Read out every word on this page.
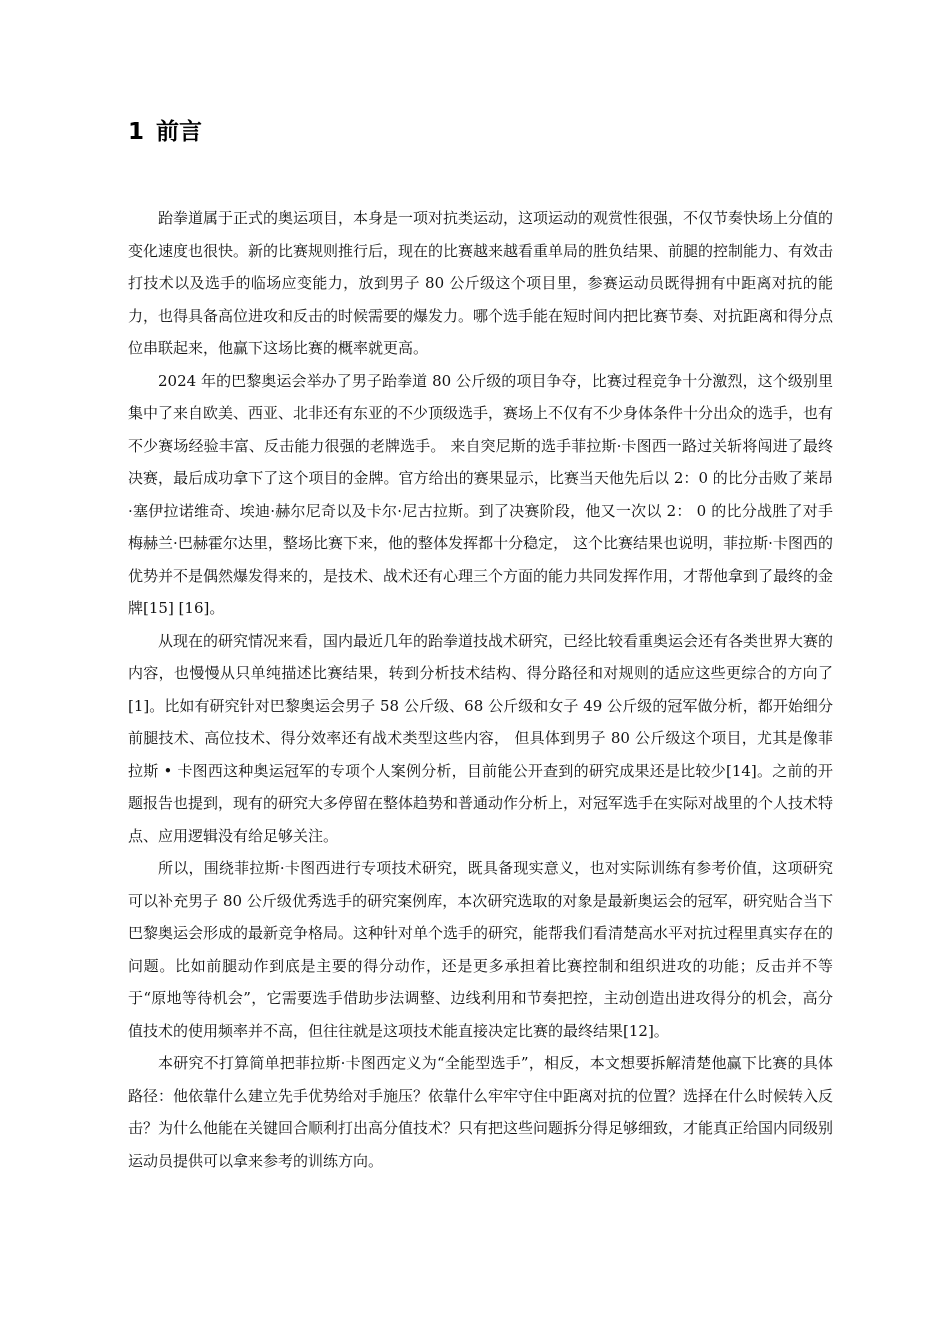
1 前言

跆拳道属于正式的奥运项目，本身是一项对抗类运动，这项运动的观赏性很强，不仅节奏快场上分值的变化速度也很快。新的比赛规则推行后，现在的比赛越来越看重单局的胜负结果、前腿的控制能力、有效击打技术以及选手的临场应变能力，放到男子 80 公斤级这个项目里，参赛运动员既得拥有中距离对抗的能力，也得具备高位进攻和反击的时候需要的爆发力。哪个选手能在短时间内把比赛节奏、对抗距离和得分点位串联起来，他赢下这场比赛的概率就更高。

2024 年的巴黎奥运会举办了男子跆拳道 80 公斤级的项目争夺，比赛过程竞争十分激烈，这个级别里集中了来自欧美、西亚、北非还有东亚的不少顶级选手，赛场上不仅有不少身体条件十分出众的选手，也有不少赛场经验丰富、反击能力很强的老牌选手。 来自突尼斯的选手菲拉斯·卡图西一路过关斩将闯进了最终决赛，最后成功拿下了这个项目的金牌。官方给出的赛果显示，比赛当天他先后以 2：0 的比分击败了莱昂·塞伊拉诺维奇、埃迪·赫尔尼奇以及卡尔·尼古拉斯。到了决赛阶段，他又一次以 2： 0 的比分战胜了对手梅赫兰·巴赫霍尔达里，整场比赛下来，他的整体发挥都十分稳定， 这个比赛结果也说明，菲拉斯·卡图西的优势并不是偶然爆发得来的，是技术、战术还有心理三个方面的能力共同发挥作用，才帮他拿到了最终的金牌[15] [16]。

从现在的研究情况来看，国内最近几年的跆拳道技战术研究，已经比较看重奥运会还有各类世界大赛的内容，也慢慢从只单纯描述比赛结果，转到分析技术结构、得分路径和对规则的适应这些更综合的方向了[1]。比如有研究针对巴黎奥运会男子 58 公斤级、68 公斤级和女子 49 公斤级的冠军做分析，都开始细分前腿技术、高位技术、得分效率还有战术类型这些内容， 但具体到男子 80 公斤级这个项目，尤其是像菲拉斯 • 卡图西这种奥运冠军的专项个人案例分析，目前能公开查到的研究成果还是比较少[14]。之前的开题报告也提到，现有的研究大多停留在整体趋势和普通动作分析上，对冠军选手在实际对战里的个人技术特点、应用逻辑没有给足够关注。

所以，围绕菲拉斯·卡图西进行专项技术研究，既具备现实意义，也对实际训练有参考价值，这项研究可以补充男子 80 公斤级优秀选手的研究案例库，本次研究选取的对象是最新奥运会的冠军，研究贴合当下巴黎奥运会形成的最新竞争格局。这种针对单个选手的研究，能帮我们看清楚高水平对抗过程里真实存在的问题。比如前腿动作到底是主要的得分动作，还是更多承担着比赛控制和组织进攻的功能；反击并不等于“原地等待机会”，它需要选手借助步法调整、边线利用和节奏把控，主动创造出进攻得分的机会，高分值技术的使用频率并不高，但往往就是这项技术能直接决定比赛的最终结果[12]。

本研究不打算简单把菲拉斯·卡图西定义为“全能型选手”，相反，本文想要拆解清楚他赢下比赛的具体路径：他依靠什么建立先手优势给对手施压？依靠什么牢牢守住中距离对抗的位置？选择在什么时候转入反击？为什么他能在关键回合顺利打出高分值技术？只有把这些问题拆分得足够细致，才能真正给国内同级别运动员提供可以拿来参考的训练方向。
